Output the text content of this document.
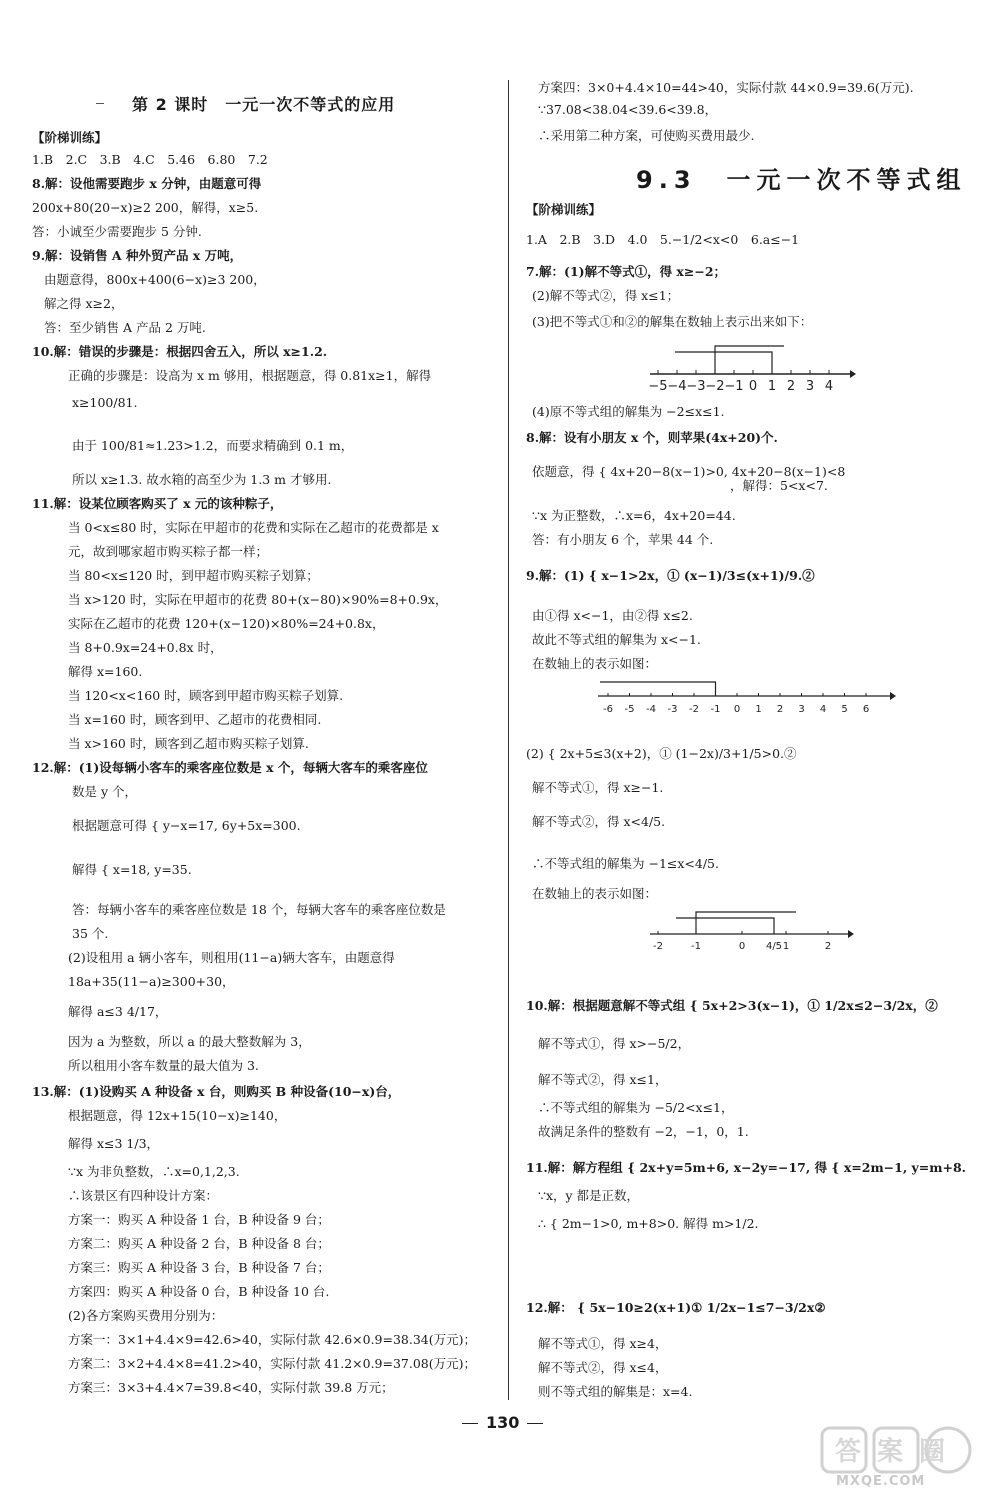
第 2 课时　一元一次不等式的应用
【阶梯训练】
1.B　2.C　3.B　4.C　5.46　6.80　7.2
8.解：设他需要跑步 x 分钟，由题意可得
200x+80(20−x)≥2 200，解得，x≥5.
答：小诚至少需要跑步 5 分钟.
9.解：设销售 A 种外贸产品 x 万吨，
由题意得，800x+400(6−x)≥3 200，
解之得 x≥2，
答：至少销售 A 产品 2 万吨.
10.解：错误的步骤是：根据四舍五入，所以 x≥1.2.
正确的步骤是：设高为 x m 够用，根据题意，得 0.81x≥1，解得
x≥100/81.
由于 100/81≈1.23>1.2，而要求精确到 0.1 m，
所以 x≥1.3. 故水箱的高至少为 1.3 m 才够用.
11.解：设某位顾客购买了 x 元的该种粽子，
当 0<x≤80 时，实际在甲超市的花费和实际在乙超市的花费都是 x
元，故到哪家超市购买粽子都一样；
当 80<x≤120 时，到甲超市购买粽子划算；
当 x>120 时，实际在甲超市的花费 80+(x−80)×90%=8+0.9x，
实际在乙超市的花费 120+(x−120)×80%=24+0.8x，
当 8+0.9x=24+0.8x 时，
解得 x=160.
当 120<x<160 时，顾客到甲超市购买粽子划算.
当 x=160 时，顾客到甲、乙超市的花费相同.
当 x>160 时，顾客到乙超市购买粽子划算.
12.解：(1)设每辆小客车的乘客座位数是 x 个，每辆大客车的乘客座位
数是 y 个，
根据题意可得 { y−x=17, 6y+5x=300.
解得 { x=18, y=35.
答：每辆小客车的乘客座位数是 18 个，每辆大客车的乘客座位数是
35 个.
(2)设租用 a 辆小客车，则租用(11−a)辆大客车，由题意得
18a+35(11−a)≥300+30，
解得 a≤3 4/17，
因为 a 为整数，所以 a 的最大整数解为 3，
所以租用小客车数量的最大值为 3.
13.解：(1)设购买 A 种设备 x 台，则购买 B 种设备(10−x)台，
根据题意，得 12x+15(10−x)≥140，
解得 x≤3 1/3，
∵x 为非负整数，∴x=0,1,2,3.
∴该景区有四种设计方案：
方案一：购买 A 种设备 1 台，B 种设备 9 台；
方案二：购买 A 种设备 2 台，B 种设备 8 台；
方案三：购买 A 种设备 3 台，B 种设备 7 台；
方案四：购买 A 种设备 0 台，B 种设备 10 台.
(2)各方案购买费用分别为：
方案一：3×1+4.4×9=42.6>40，实际付款 42.6×0.9=38.34(万元)；
方案二：3×2+4.4×8=41.2>40，实际付款 41.2×0.9=37.08(万元)；
方案三：3×3+4.4×7=39.8<40，实际付款 39.8 万元；
方案四：3×0+4.4×10=44>40，实际付款 44×0.9=39.6(万元).
∵37.08<38.04<39.6<39.8，
∴采用第二种方案，可使购买费用最少.
9.3　一元一次不等式组
【阶梯训练】
1.A　2.B　3.D　4.0　5.−1/2<x<0　6.a≤−1
7.解：(1)解不等式①，得 x≥−2；
(2)解不等式②，得 x≤1；
(3)把不等式①和②的解集在数轴上表示出来如下：
(4)原不等式组的解集为 −2≤x≤1.
8.解：设有小朋友 x 个，则苹果(4x+20)个.
依题意，得 { 4x+20−8(x−1)>0, 4x+20−8(x−1)<8
，解得：5<x<7.
∵x 为正整数，∴x=6，4x+20=44.
答：有小朋友 6 个，苹果 44 个.
9.解：(1) { x−1>2x，① (x−1)/3≤(x+1)/9.②
由①得 x<−1，由②得 x≤2.
故此不等式组的解集为 x<−1.
在数轴上的表示如图：
(2) { 2x+5≤3(x+2)，① (1−2x)/3+1/5>0.②
解不等式①，得 x≥−1.
解不等式②，得 x<4/5.
∴不等式组的解集为 −1≤x<4/5.
在数轴上的表示如图：
10.解：根据题意解不等式组 { 5x+2>3(x−1)，① 1/2x≤2−3/2x，②
解不等式①，得 x>−5/2，
解不等式②，得 x≤1，
∴不等式组的解集为 −5/2<x≤1，
故满足条件的整数有 −2，−1，0，1.
11.解：解方程组 { 2x+y=5m+6, x−2y=−17, 得 { x=2m−1, y=m+8.
∵x，y 都是正数，
∴ { 2m−1>0, m+8>0. 解得 m>1/2.
12.解： { 5x−10≥2(x+1)① 1/2x−1≤7−3/2x②
解不等式①，得 x≥4，
解不等式②，得 x≤4，
则不等式组的解集是：x=4.
−5 −4 −3 −2 −1 0 1 2 3 4
-6 -5 -4 -3 -2 -1 0 1 2 3 4 5 6
-2	-1	0 4/5 1	2
130
答案圈
MXQE.COM
